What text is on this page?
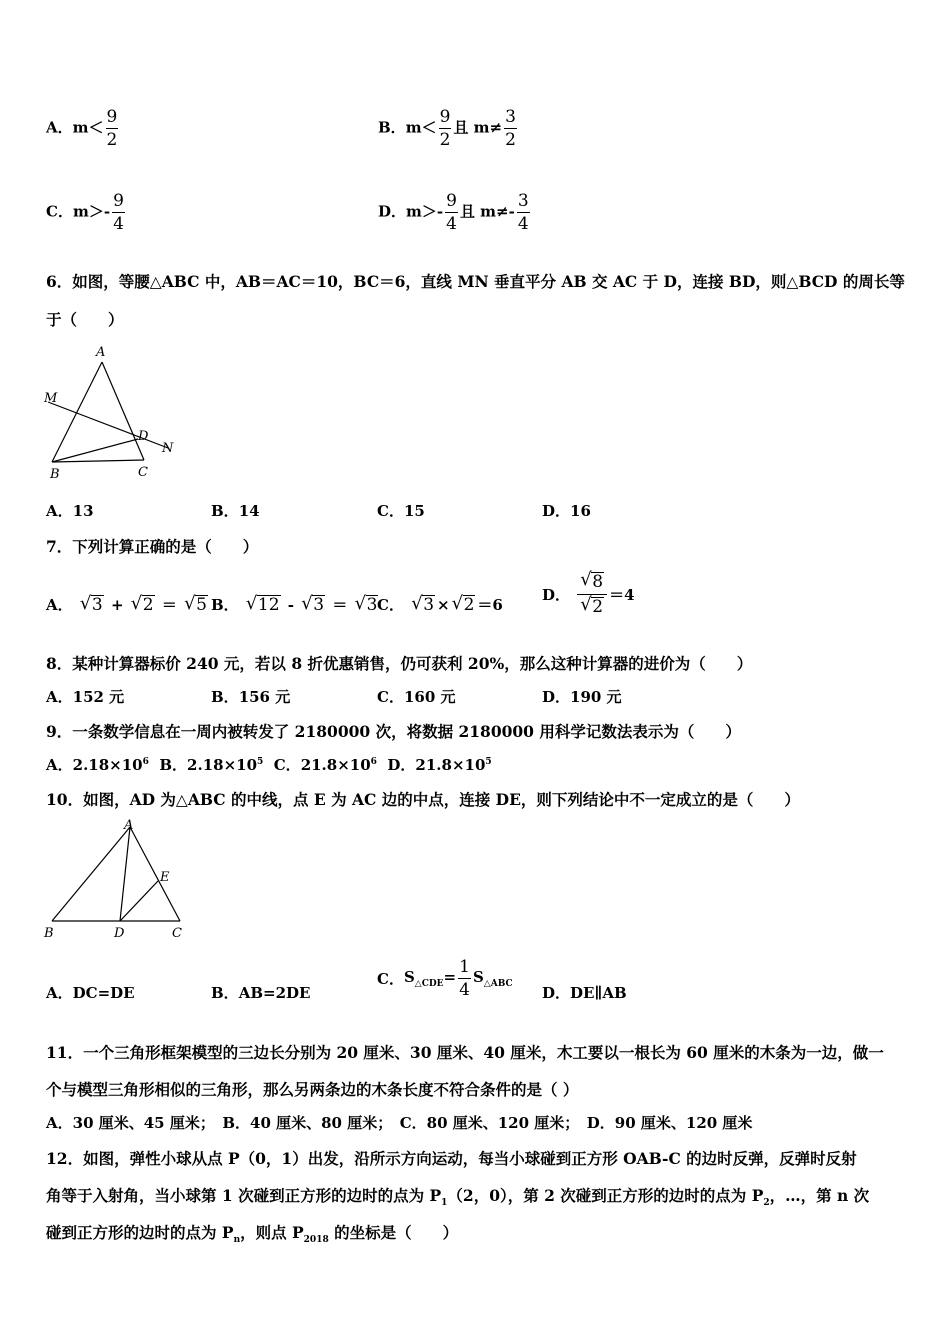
A．$m< \frac{9}{2}$	B．$m< \frac{9}{2}$ 且 $m\ne \frac{3}{2}$
C．$m>- \frac{9}{4}$	D．$m>- \frac{9}{4}$ 且 $m\ne- \frac{3}{4}$
6．如图，等腰△ABC 中，AB＝AC＝10，BC＝6，直线 MN 垂直平分 AB 交 AC 于 D，连接 BD，则△BCD 的周长等
于（　　）
A
M
D
N
B	C
A．13	B．14	C．15	D．16
7．下列计算正确的是（　　）
A． √ 3 + √ 2 ＝ √ 5 B． √ 12 - √ 3 ＝ √ 3 C． √ 3 × √ 2 ＝6
D． $\frac{√ 8}{√ 2} =4$
8．某种计算器标价 240 元，若以 8 折优惠销售，仍可获利 20%，那么这种计算器的进价为（　　）
A．152 元	B．156 元	C．160 元	D．190 元
9．一条数学信息在一周内被转发了 2180000 次，将数据 2180000 用科学记数法表示为（　　）
A．$2.18\times 10^6$ B．$2.18\times 10^5$ C．$21.8\times 10^6$ D．$21.8\times 10^5$
10．如图，AD 为△ABC 的中线，点 E 为 AC 边的中点，连接 DE，则下列结论中不一定成立的是（　　）
A
E
B	D	C
A．DC=DE	B．AB=2DE
C．$S_{\triangle CDE}= \frac{1}{4} S_{\triangle ABC}$ D．DE∥AB
11．一个三角形框架模型的三边长分别为 20 厘米、30 厘米、40 厘米，木工要以一根长为 60 厘米的木条为一边，做一
个与模型三角形相似的三角形，那么另两条边的木条长度不符合条件的是（ ）
A．30 厘米、45 厘米；　B．40 厘米、80 厘米；　C．80 厘米、120 厘米；　D．90 厘米、120 厘米
12．如图，弹性小球从点 P（0，1）出发，沿所示方向运动，每当小球碰到正方形 OAB-C 的边时反弹，反弹时反射
角等于入射角，当小球第 1 次碰到正方形的边时的点为 $P_1(2$，0），第 2 次碰到正方形的边时的点为 $P_2$，…，第 n 次
碰到正方形的边时的点为 $P_n$，则点 $P_{2018}$ 的坐标是（　　）
